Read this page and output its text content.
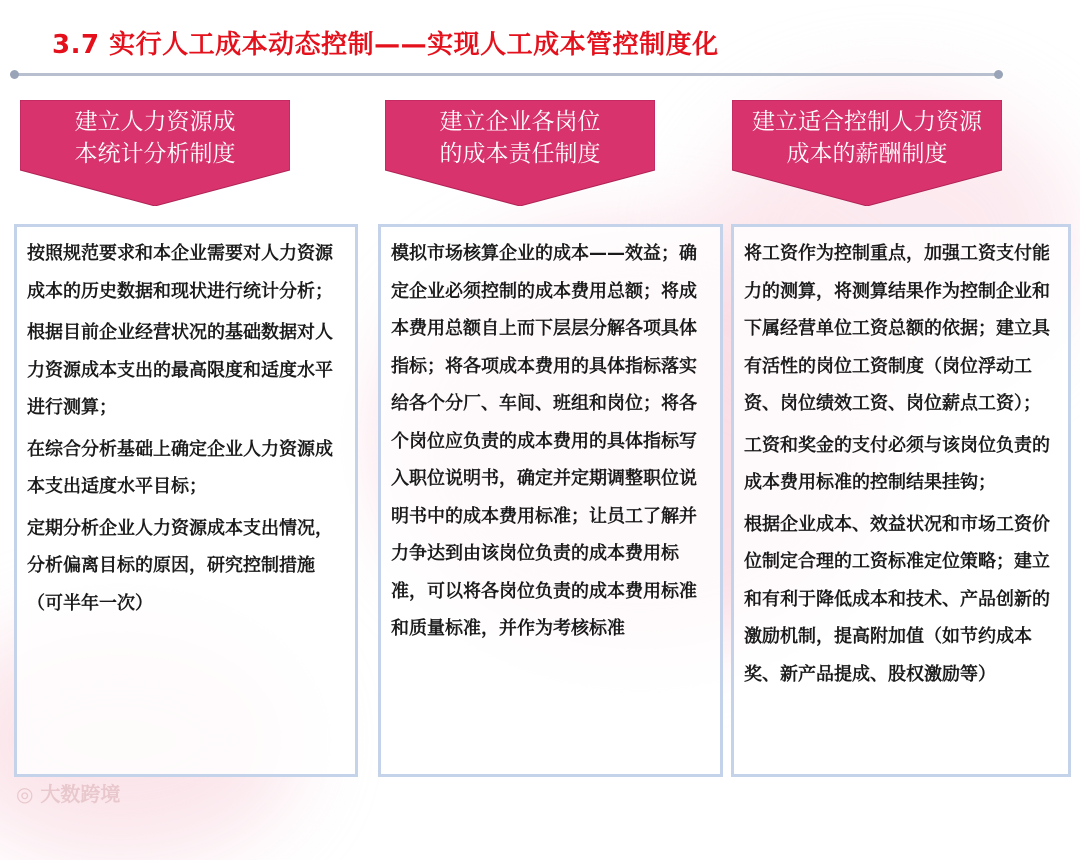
3.7 实行人工成本动态控制——实现人工成本管控制度化
建立人力资源成
本统计分析制度
建立企业各岗位
的成本责任制度
建立适合控制人力资源
成本的薪酬制度

按照规范要求和本企业需要对人力资源成本的历史数据和现状进行统计分析；

根据目前企业经营状况的基础数据对人力资源成本支出的最高限度和适度水平进行测算；

在综合分析基础上确定企业人力资源成本支出适度水平目标；

定期分析企业人力资源成本支出情况，分析偏离目标的原因，研究控制措施（可半年一次）

模拟市场核算企业的成本——效益；确定企业必须控制的成本费用总额；将成本费用总额自上而下层层分解各项具体指标；将各项成本费用的具体指标落实给各个分厂、车间、班组和岗位；将各个岗位应负责的成本费用的具体指标写入职位说明书，确定并定期调整职位说明书中的成本费用标准；让员工了解并力争达到由该岗位负责的成本费用标准，可以将各岗位负责的成本费用标准和质量标准，并作为考核标准

将工资作为控制重点，加强工资支付能力的测算，将测算结果作为控制企业和下属经营单位工资总额的依据；建立具有活性的岗位工资制度（岗位浮动工资、岗位绩效工资、岗位薪点工资）；

工资和奖金的支付必须与该岗位负责的成本费用标准的控制结果挂钩；

根据企业成本、效益状况和市场工资价位制定合理的工资标准定位策略；建立和有利于降低成本和技术、产品创新的激励机制，提高附加值（如节约成本奖、新产品提成、股权激励等）

◎ 大数跨境
